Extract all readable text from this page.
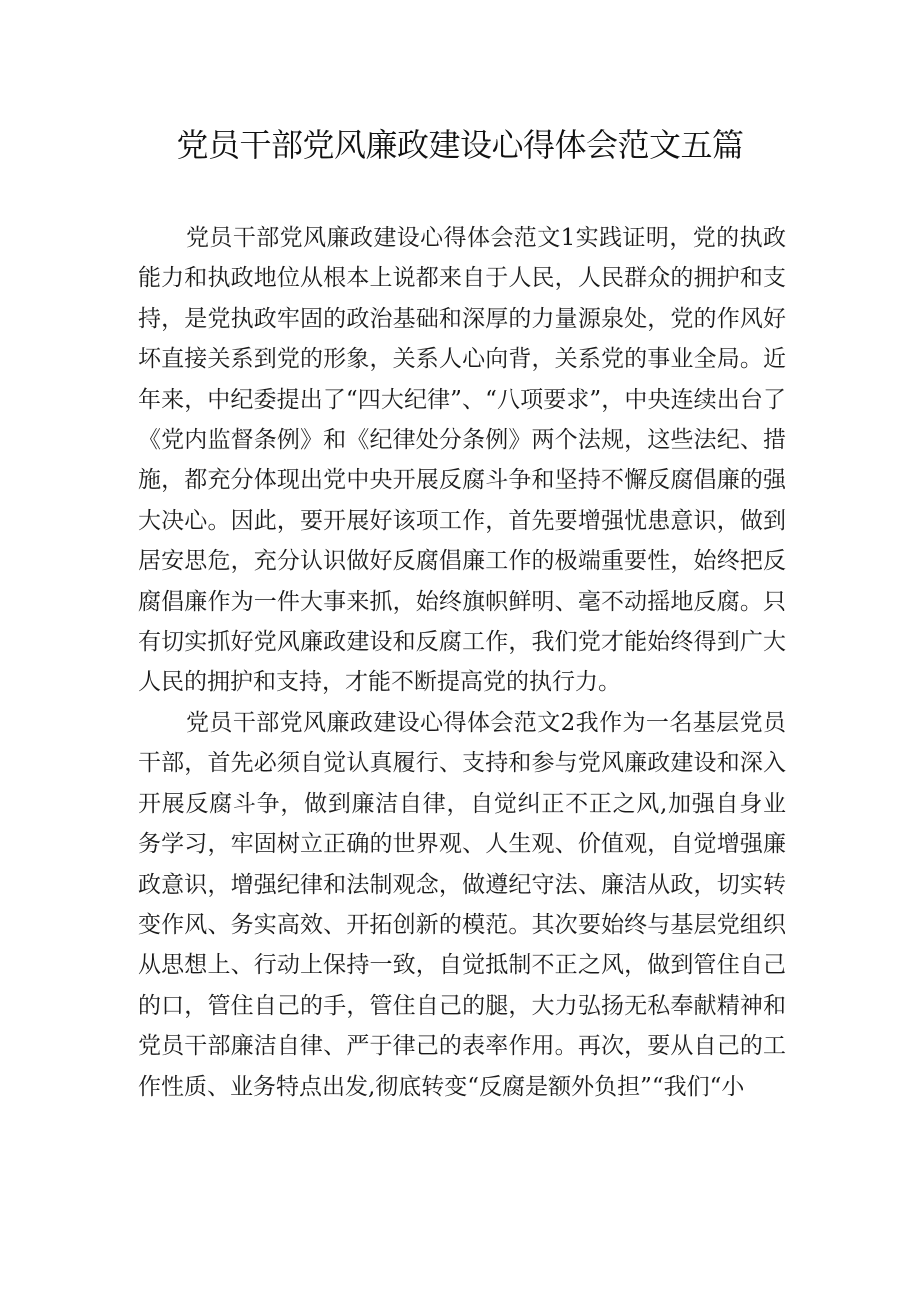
党员干部党风廉政建设心得体会范文五篇

党员干部党风廉政建设心得体会范文1实践证明，党的执政能力和执政地位从根本上说都来自于人民，人民群众的拥护和支持，是党执政牢固的政治基础和深厚的力量源泉处，党的作风好坏直接关系到党的形象，关系人心向背，关系党的事业全局。近年来，中纪委提出了“四大纪律”、“八项要求”，中央连续出台了《党内监督条例》和《纪律处分条例》两个法规，这些法纪、措施，都充分体现出党中央开展反腐斗争和坚持不懈反腐倡廉的强大决心。因此，要开展好该项工作，首先要增强忧患意识，做到居安思危，充分认识做好反腐倡廉工作的极端重要性，始终把反腐倡廉作为一件大事来抓，始终旗帜鲜明、毫不动摇地反腐。只有切实抓好党风廉政建设和反腐工作，我们党才能始终得到广大人民的拥护和支持，才能不断提高党的执行力。

党员干部党风廉政建设心得体会范文2我作为一名基层党员干部，首先必须自觉认真履行、支持和参与党风廉政建设和深入开展反腐斗争，做到廉洁自律，自觉纠正不正之风,加强自身业务学习，牢固树立正确的世界观、人生观、价值观，自觉增强廉政意识，增强纪律和法制观念，做遵纪守法、廉洁从政，切实转变作风、务实高效、开拓创新的模范。其次要始终与基层党组织从思想上、行动上保持一致，自觉抵制不正之风，做到管住自己的口，管住自己的手，管住自己的腿，大力弘扬无私奉献精神和党员干部廉洁自律、严于律己的表率作用。再次，要从自己的工作性质、业务特点出发,彻底转变“反腐是额外负担”“我们“小
